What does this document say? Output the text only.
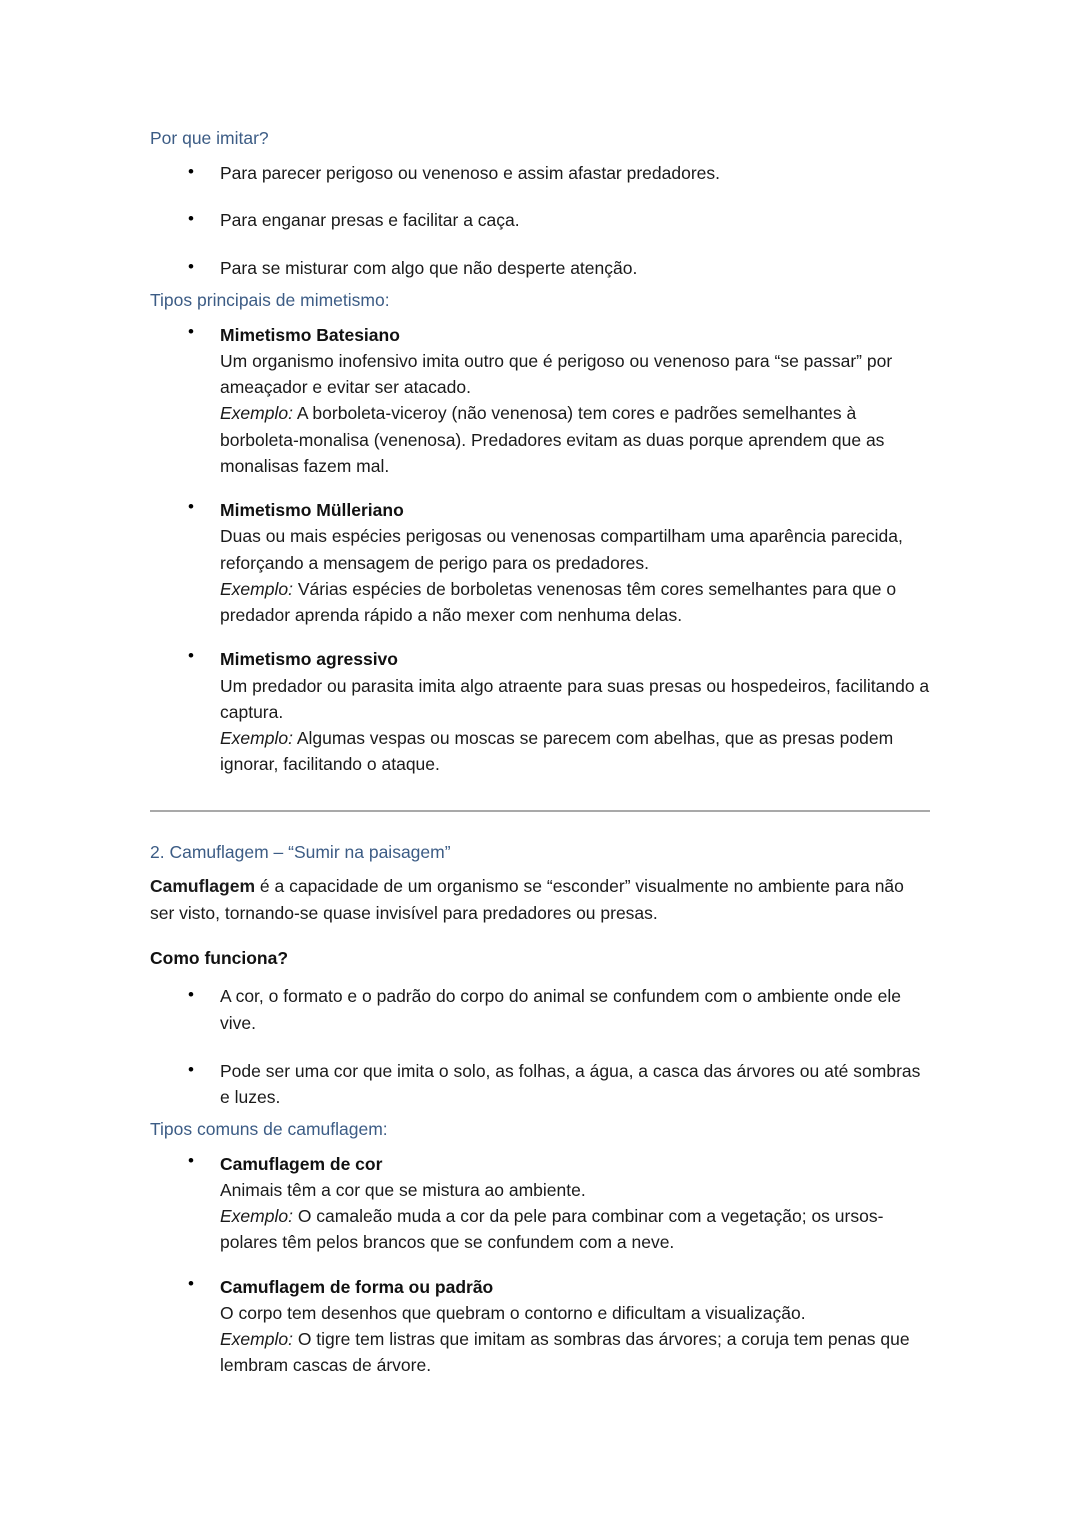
Por que imitar?
• Para parecer perigoso ou venenoso e assim afastar predadores.
• Para enganar presas e facilitar a caça.
• Para se misturar com algo que não desperte atenção.
Tipos principais de mimetismo:
• Mimetismo Batesiano
Um organismo inofensivo imita outro que é perigoso ou venenoso para “se passar” por ameaçador e evitar ser atacado.
Exemplo: A borboleta-viceroy (não venenosa) tem cores e padrões semelhantes à borboleta-monalisa (venenosa). Predadores evitam as duas porque aprendem que as monalisas fazem mal.
• Mimetismo Mülleriano
Duas ou mais espécies perigosas ou venenosas compartilham uma aparência parecida, reforçando a mensagem de perigo para os predadores.
Exemplo: Várias espécies de borboletas venenosas têm cores semelhantes para que o predador aprenda rápido a não mexer com nenhuma delas.
• Mimetismo agressivo
Um predador ou parasita imita algo atraente para suas presas ou hospedeiros, facilitando a captura.
Exemplo: Algumas vespas ou moscas se parecem com abelhas, que as presas podem ignorar, facilitando o ataque.
2. Camuflagem – “Sumir na paisagem”

Camuflagem é a capacidade de um organismo se “esconder” visualmente no ambiente para não ser visto, tornando-se quase invisível para predadores ou presas.

Como funciona?
• A cor, o formato e o padrão do corpo do animal se confundem com o ambiente onde ele vive.
• Pode ser uma cor que imita o solo, as folhas, a água, a casca das árvores ou até sombras e luzes.
Tipos comuns de camuflagem:
• Camuflagem de cor
Animais têm a cor que se mistura ao ambiente.
Exemplo: O camaleão muda a cor da pele para combinar com a vegetação; os ursos-polares têm pelos brancos que se confundem com a neve.
• Camuflagem de forma ou padrão
O corpo tem desenhos que quebram o contorno e dificultam a visualização.
Exemplo: O tigre tem listras que imitam as sombras das árvores; a coruja tem penas que lembram cascas de árvore.
